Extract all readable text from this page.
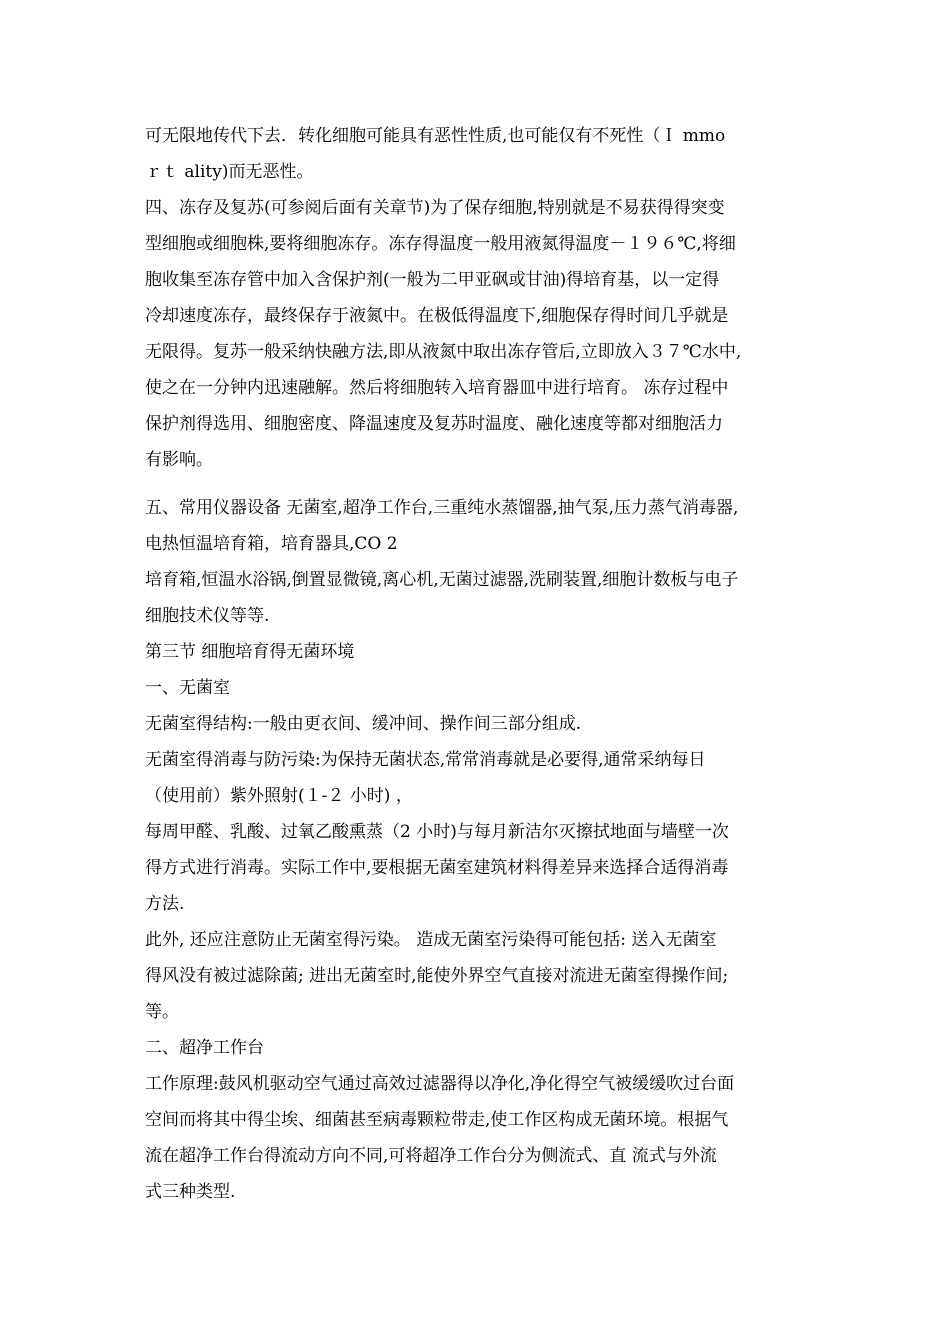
可无限地传代下去．转化细胞可能具有恶性性质,也可能仅有不死性（Ｉ mmo

ｒｔ ality)而无恶性。

四、冻存及复苏(可参阅后面有关章节)为了保存细胞,特别就是不易获得得突变

型细胞或细胞株,要将细胞冻存。冻存得温度一般用液氮得温度－１９６℃,将细

胞收集至冻存管中加入含保护剂(一般为二甲亚砜或甘油)得培育基，以一定得

冷却速度冻存，最终保存于液氮中。在极低得温度下,细胞保存得时间几乎就是

无限得。复苏一般采纳快融方法,即从液氮中取出冻存管后,立即放入３７℃水中,

使之在一分钟内迅速融解。然后将细胞转入培育器皿中进行培育。 冻存过程中

保护剂得选用、细胞密度、降温速度及复苏时温度、融化速度等都对细胞活力

有影响。

五、常用仪器设备 无菌室,超净工作台,三重纯水蒸馏器,抽气泵,压力蒸气消毒器,

电热恒温培育箱，培育器具,CO 2

培育箱,恒温水浴锅,倒置显微镜,离心机,无菌过滤器,洗刷装置,细胞计数板与电子

细胞技术仪等等.

第三节 细胞培育得无菌环境

一、无菌室

无菌室得结构:一般由更衣间、缓冲间、操作间三部分组成.

无菌室得消毒与防污染:为保持无菌状态,常常消毒就是必要得,通常采纳每日

（使用前）紫外照射(１-２ 小时) ，

每周甲醛、乳酸、过氧乙酸熏蒸（2 小时)与每月新洁尔灭擦拭地面与墙壁一次

得方式进行消毒。实际工作中,要根据无菌室建筑材料得差异来选择合适得消毒

方法.

此外, 还应注意防止无菌室得污染。 造成无菌室污染得可能包括: 送入无菌室

得风没有被过滤除菌; 进出无菌室时,能使外界空气直接对流进无菌室得操作间;

等。

二、超净工作台

工作原理:鼓风机驱动空气通过高效过滤器得以净化,净化得空气被缓缓吹过台面

空间而将其中得尘埃、细菌甚至病毒颗粒带走,使工作区构成无菌环境。根据气

流在超净工作台得流动方向不同,可将超净工作台分为侧流式、直 流式与外流

式三种类型.
